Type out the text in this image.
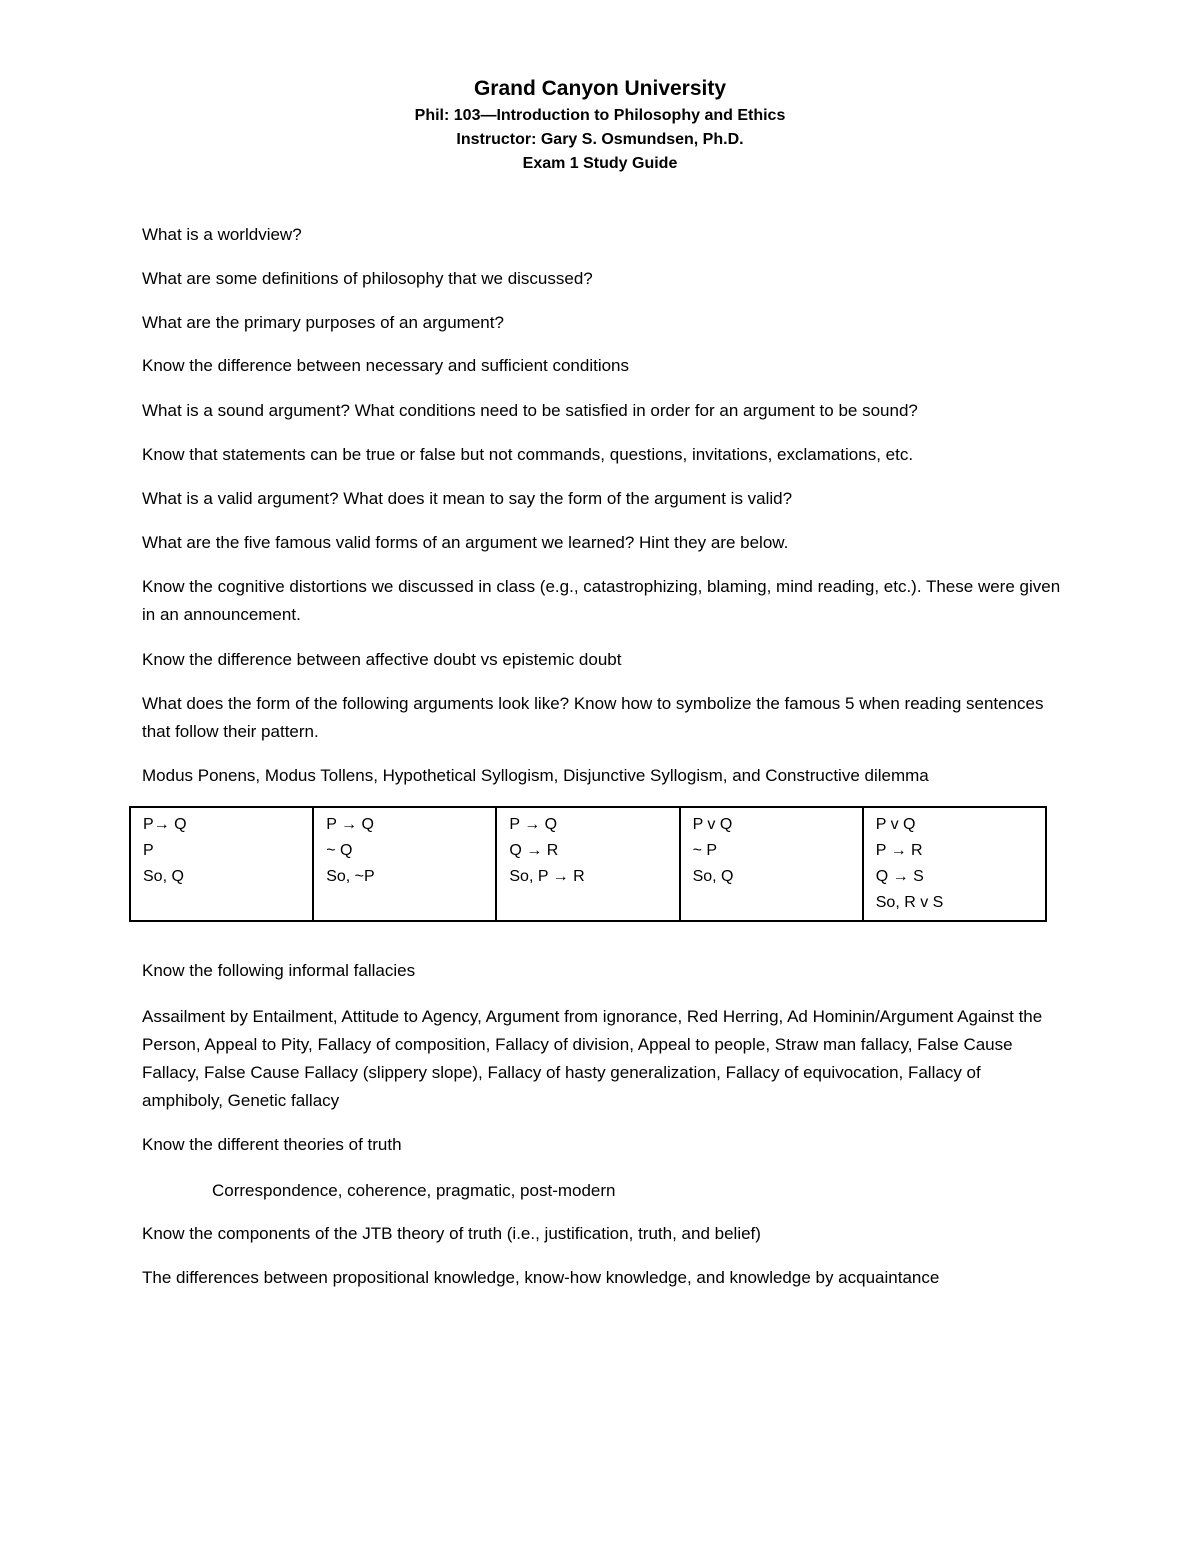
Grand Canyon University

Phil: 103—Introduction to Philosophy and Ethics

Instructor: Gary S. Osmundsen, Ph.D.

Exam 1 Study Guide

What is a worldview?

What are some definitions of philosophy that we discussed?

What are the primary purposes of an argument?

Know the difference between necessary and sufficient conditions

What is a sound argument? What conditions need to be satisfied in order for an argument to be sound?

Know that statements can be true or false but not commands, questions, invitations, exclamations, etc.

What is a valid argument? What does it mean to say the form of the argument is valid?

What are the five famous valid forms of an argument we learned? Hint they are below.

Know the cognitive distortions we discussed in class (e.g., catastrophizing, blaming, mind reading, etc.). These were given in an announcement.

Know the difference between affective doubt vs epistemic doubt

What does the form of the following arguments look like? Know how to symbolize the famous 5 when reading sentences that follow their pattern.

Modus Ponens, Modus Tollens, Hypothetical Syllogism, Disjunctive Syllogism, and Constructive dilemma

P→ Q
P
So, Q

P → Q
~ Q
So, ~P

P → Q
Q → R
So, P → R

P v Q
~ P
So, Q

P v Q
P → R
Q → S
So, R v S

Know the following informal fallacies

Assailment by Entailment, Attitude to Agency, Argument from ignorance, Red Herring, Ad Hominin/Argument Against the Person, Appeal to Pity, Fallacy of composition, Fallacy of division, Appeal to people, Straw man fallacy, False Cause Fallacy, False Cause Fallacy (slippery slope), Fallacy of hasty generalization, Fallacy of equivocation, Fallacy of amphiboly, Genetic fallacy

Know the different theories of truth

Correspondence, coherence, pragmatic, post-modern

Know the components of the JTB theory of truth (i.e., justification, truth, and belief)

The differences between propositional knowledge, know-how knowledge, and knowledge by acquaintance
